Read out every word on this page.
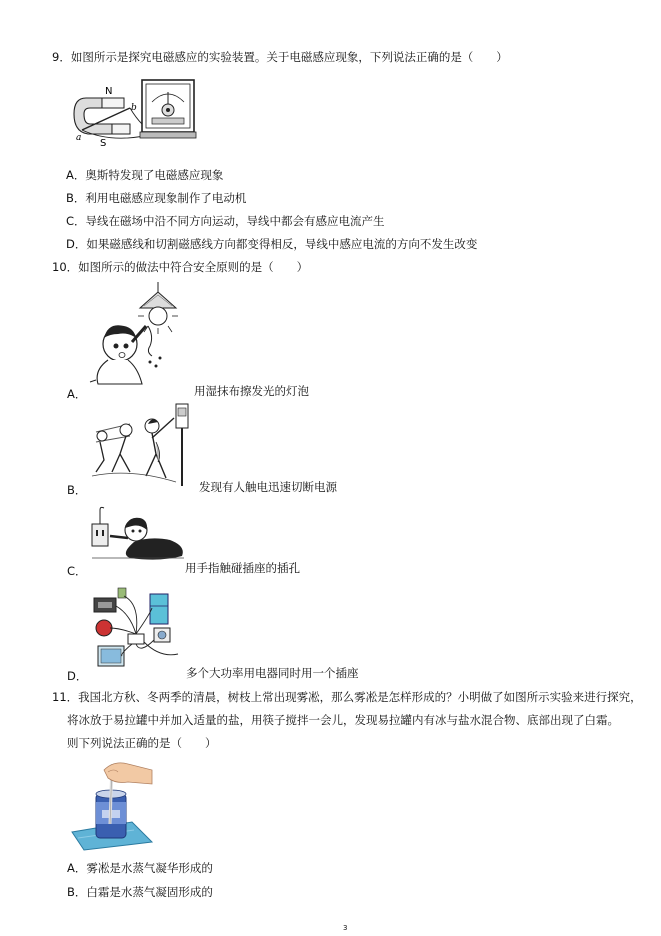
9．如图所示是探究电磁感应的实验装置。关于电磁感应现象，下列说法正确的是（　　）
N
S
a
b
A．奥斯特发现了电磁感应现象
B．利用电磁感应现象制作了电动机
C．导线在磁场中沿不同方向运动，导线中都会有感应电流产生
D．如果磁感线和切割磁感线方向都变得相反，导线中感应电流的方向不发生改变
10．如图所示的做法中符合安全原则的是（　　）
A．	用湿抹布擦发光的灯泡
B．	发现有人触电迅速切断电源
C．	用手指触碰插座的插孔
D．	多个大功率用电器同时用一个插座
11．我国北方秋、冬两季的清晨，树枝上常出现雾凇，那么雾凇是怎样形成的？小明做了如图所示实验来进行探究，
将冰放于易拉罐中并加入适量的盐，用筷子搅拌一会儿，发现易拉罐内有冰与盐水混合物、底部出现了白霜。
则下列说法正确的是（　　）
A．雾凇是水蒸气凝华形成的
B．白霜是水蒸气凝固形成的
3
